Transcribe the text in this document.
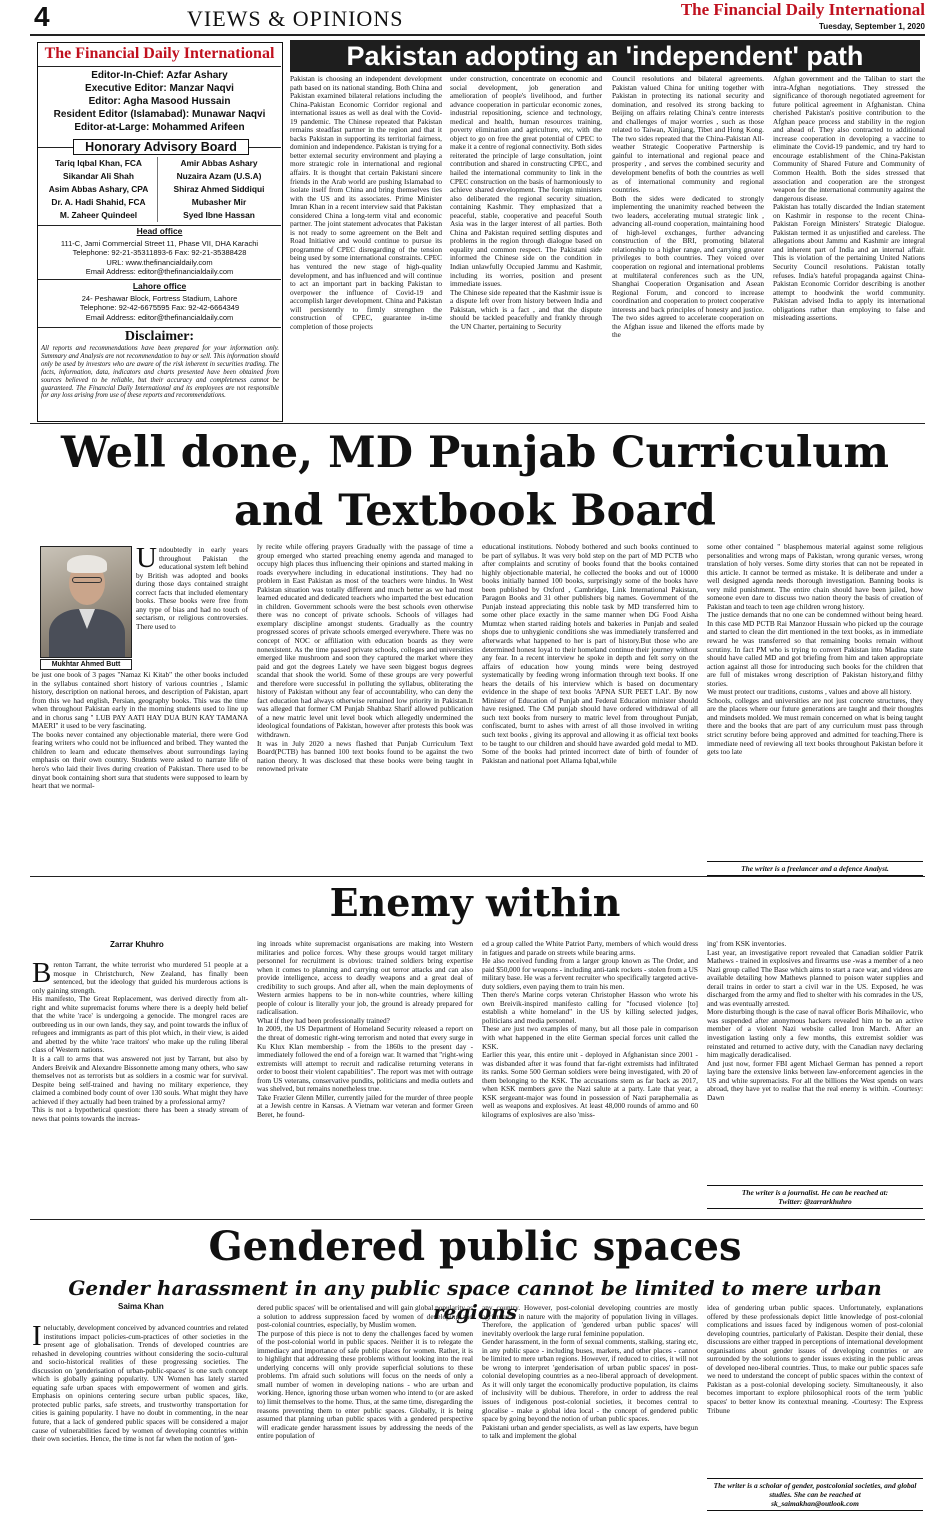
4	VIEWS & OPINIONS	The Financial Daily International
Tuesday, September 1, 2020
The Financial Daily International
Editor-In-Chief: Azfar Ashary
Executive Editor: Manzar Naqvi
Editor: Agha Masood Hussain
Resident Editor (Islamabad): Munawar Naqvi
Editor-at-Large: Mohammed Arifeen
Honorary Advisory Board
Tariq Iqbal Khan, FCA
Sikandar Ali Shah
Asim Abbas Ashary, CPA
Dr. A. Hadi Shahid, FCA
M. Zaheer Quindeel
Amir Abbas Ashary
Nuzaira Azam (U.S.A)
Shiraz Ahmed Siddiqui
Mubasher Mir
Syed Ibne Hassan
Head office
111-C, Jami Commercial Street 11, Phase VII, DHA Karachi
Telephone: 92-21-35311893-6 Fax: 92-21-35388428
URL: www.thefinancialdaily.com
Email Address: editor@thefinancialdaily.com
Lahore office
24- Peshawar Block, Fortress Stadium, Lahore
Telephone: 92-42-6675595 Fax: 92-42-6664349
Email Address: editor@thefinancialdaily.com
Disclaimer:
All reports and recommendations have been prepared for your information only. Summary and Analysis are not recommendation to buy or sell. This information should only be used by investors who are aware of the risk inherent in securities trading. The facts, information, data, indicators and charts presented have been obtained from sources believed to be reliable, but their accuracy and completeness cannot be guaranteed. The Financial Daily International and its employees are not responsible for any loss arising from use of these reports and recommendations.
Pakistan adopting an 'independent' path
Pakistan is choosing an independent development path based on its national standing. Both China and Pakistan examined bilateral relations including the China-Pakistan Economic Corridor regional and international issues as well as deal with the Covid-19 pandemic. The Chinese repeated that Pakistan remains steadfast partner in the region and that it backs Pakistan in supporting its territorial fairness, dominion and independence. Pakistan is trying for a better external security environment and playing a more strategic role in international and regional affairs. It is thought that certain Pakistani sincere friends in the Arab world are pushing Islamabad to isolate itself from China and bring themselves ties with the US and its associates. Prime Minister Imran Khan in a recent interview said that Pakistan considered China a long-term vital and economic partner. The joint statement advocates that Pakistan is not ready to some agreement on the Belt and Road Initiative and would continue to pursue its programme of CPEC disregarding of the tension being used by some international constraints. CPEC has ventured the new stage of high-quality development, and has influenced and will continue to act an important part in backing Pakistan to overpower the influence of Covid-19 and accomplish larger development. China and Pakistan will persistently to firmly strengthen the construction of CPEC, guarantee in-time completion of those projects
under construction, concentrate on economic and social development, job generation and amelioration of people's livelihood, and further advance cooperation in particular economic zones, industrial repositioning, science and technology, medical and health, human resources training, poverty elimination and agriculture, etc, with the object to go on free the great potential of CPEC to make it a centre of regional connectivity. Both sides reiterated the principle of large consultation, joint contribution and shared in constructing CPEC, and hailed the international community to link in the CPEC construction on the basis of harmoniously to achieve shared development. The foreign ministers also deliberated the regional security situation, containing Kashmir. They emphasized that a peaceful, stable, cooperative and peaceful South Asia was in the larger interest of all parties. Both China and Pakistan required settling disputes and problems in the region through dialogue based on equality and common respect. The Pakistani side informed the Chinese side on the condition in Indian unlawfully Occupied Jammu and Kashmir, including its worries, position and present immediate issues.
The Chinese side repeated that the Kashmir issue is a dispute left over from history between India and Pakistan, which is a fact , and that the dispute should be tackled peacefully and frankly through the UN Charter, pertaining to Security
Council resolutions and bilateral agreements. Pakistan valued China for uniting together with Pakistan in protecting its national security and domination, and resolved its strong backing to Beijing on affairs relating China's centre interests and challenges of major worries , such as those related to Taiwan, Xinjiang, Tibet and Hong Kong. The two sides repeated that the China-Pakistan All-weather Strategic Cooperative Partnership is gainful to international and regional peace and prosperity , and serves the combined security and development benefits of both the countries as well as of international community and regional countries.
Both the sides were dedicated to strongly implementing the unanimity reached between the two leaders, accelerating mutual strategic link , advancing all-round cooperation, maintaining hood of high-level exchanges, further advancing construction of the BRI, promoting bilateral relationship to a higher range, and carrying greater privileges to both countries. They voiced over cooperation on regional and international problems at multilateral conferences such as the UN, Shanghai Cooperation Organisation and Asean Regional Forum, and concord to increase coordination and cooperation to protect cooperative interests and back principles of honesty and justice. The two sides agreed to accelerate cooperation on the Afghan issue and likened the efforts made by the
Afghan government and the Taliban to start the intra-Afghan negotiations. They stressed the significance of thorough negotiated agreement for future political agreement in Afghanistan. China cherished Pakistan's positive contribution to the Afghan peace process and stability in the region and ahead of. They also contracted to additional increase cooperation in developing a vaccine to eliminate the Covid-19 pandemic, and try hard to encourage establishment of the China-Pakistan Community of Shared Future and Community of Common Health. Both the sides stressed that association and cooperation are the strongest weapon for the international community against the dangerous disease.
Pakistan has totally discarded the Indian statement on Kashmir in response to the recent China-Pakistan Foreign Ministers' Strategic Dialogue. Pakistan termed it as unjustified and careless. The allegations about Jammu and Kashmir are integral and inherent part of India and an internal affair. This is violation of the pertaining United Nations Security Council resolutions. Pakistan totally refuses. India's hateful propaganda against China-Pakistan Economic Corridor describing is another attempt to hoodwink the world community. Pakistan advised India to apply its international obligations rather than employing to false and misleading assertions.
Well done, MD Punjab Curriculum and Textbook Board
Mukhtar Ahmed Butt
Undoubtedly in early years throughout Pakistan the educational system left behind by British was adopted and books during those days contained straight correct facts that included elementary books. These books were free from any type of bias and had no touch of sectarism, or religious controversies. There used to
be just one book of 3 pages "Namaz Ki Kitab" the other books included in the syllabus contained short history of various countries , Islamic history, description on national heroes, and description of Pakistan, apart from this we had english, Persian, geography books. This was the time when throughout Pakistan early in the morning students used to line up and in chorus sang " LUB PAY AATI HAY DUA BUN KAY TAMANA MAERI" it used to be very fascinating.
The books never contained any objectionable material, there were God fearing writers who could not be influenced and bribed. They wanted the children to learn and educate themselves about surroundings laying emphasis on their own country. Students were asked to narrate life of hero's who laid their lives during creation of Pakistan. There used to be dinyat book containing short sura that students were supposed to learn by heart that we normal-
ly recite while offering prayers Gradually with the passage of time a group emerged who started preaching enemy agenda and managed to occupy high places thus influencing their opinions and started making in roads everywhere including in educational institutions. They had no problem in East Pakistan as most of the teachers were hindus. In West Pakistan situation was totally different and much better as we had most learned educated and dedicated teachers who imparted the best education in children. Government schools were the best schools even otherwise there was no concept of private schools. Schools of villages had exemplary discipline amongst students. Gradually as the country progressed scores of private schools emerged everywhere. There was no concept of NOC or affiliation with education boards as they were nonexistent. As the time passed private schools, colleges and universities emerged like mushroom and soon they captured the market where they paid and got the degrees Lately we have seen biggest bogus degrees scandal that shook the world. Some of these groups are very powerful and therefore were successful in polluting the syllabus, obliterating the history of Pakistan without any fear of accountability, who can deny the fact education had always otherwise remained low priority in Pakistan.It was alleged that former CM Punjab Shahbaz Sharif allowed publication of a new matric level unit level book which allegedly undermined the ideological foundations of Pakistan, however after protests this book was withdrawn.
It was in July 2020 a news flashed that Punjab Curriculum Text Board(PCTB) has banned 100 text books found to be against the two nation theory. It was disclosed that these books were being taught in renowned private
educational institutions. Nobody bothered and such books continued to be part of syllabus. It was very bold step on the part of MD PCTB who after complaints and scrutiny of books found that the books contained highly objectionable material, he collected the books and out of 10000 books initially banned 100 books, surprisingly some of the books have been published by Oxford , Cambridge, Link International Pakistan, Paragon Books and 31 other publishers big names. Government of the Punjab instead appreciating this noble task by MD transferred him to some other place exactly in the same manner when DG Food Aisha Mumtaz when started raiding hotels and bakeries in Punjab and sealed shops due to unhygienic conditions she was immediately transferred and afterwards what happened to her is part of history.But those who are determined honest loyal to their homeland continue their journey without any fear. In a recent interview he spoke in depth and felt sorry on the affairs of education how young minds were being destroyed systematically by feeding wrong information through text books. If one hears the details of his interview which is based on documentary evidence in the shape of text books 'APNA SUR PEET LAI'. By now Minister of Education of Punjab and Federal Education minister should have resigned. The CM punjab should have ordered withdrawal of all such text books from nursery to matric level from throughout Punjab, confiscated, burnt to ashes with arrest of all those involved in writing such text books , giving its approval and allowing it as official text books to be taught to our children and should have awarded gold medal to MD. Some of the books had printed incorrect date of birth of founder of Pakistan and national poet Allama Iqbal,while
some other contained " blasphemous material against some religious personalities and wrong maps of Pakistan, wrong quranic verses, wrong translation of holy verses. Some dirty stories that can not be repeated in this article. It cannot be termed as mistake. It is deliberate and under a well designed agenda needs thorough investigation. Banning books is very mild punishment. The entire chain should have been jailed, how someone even dare to discuss two nation theory the basis of creation of Pakistan and teach to teen age children wrong history.
The justice demands that no one can be condemned without being heard. In this case MD PCTB Rai Manzoor Hussain who picked up the courage and started to clean the dirt mentioned in the text books, as in immediate reward he was transferred so that remaining books remain without scrutiny. In fact PM who is trying to convert Pakistan into Madina state should have called MD and got briefing from him and taken appropriate action against all those for introducing such books for the children that are full of mistakes wrong description of Pakistan history,and filthy stories.
We must protect our traditions, customs , values and above all history.
Schools, colleges and universities are not just concrete structures, they are the places where our future generations are taught and their thoughts and mindsets molded. We must remain concerned on what is being taught there and the books that are part of any curriculum must pass through strict scrutiny before being approved and admitted for teaching.There is immediate need of reviewing all text books throughout Pakistan before it gets too late
The writer is a freelancer and a defence Analyst.
Enemy within
Zarrar Khuhro
Brenton Tarrant, the white terrorist who murdered 51 people at a mosque in Christchurch, New Zealand, has finally been sentenced, but the ideology that guided his murderous actions is only gaining strength.
His manifesto, The Great Replacement, was derived directly from alt-right and white supremacist forums where there is a deeply held belief that the white 'race' is undergoing a genocide. The mongrel races are outbreeding us in our own lands, they say, and point towards the influx of refugees and immigrants as part of this plot which, in their view, is aided and abetted by the white 'race traitors' who make up the ruling liberal class of Western nations.
It is a call to arms that was answered not just by Tarrant, but also by Anders Breivik and Alexandre Bissonnette among many others, who saw themselves not as terrorists but as soldiers in a cosmic war for survival. Despite being self-trained and having no military experience, they claimed a combined body count of over 130 souls. What might they have achieved if they actually had been trained by a professional army?
This is not a hypothetical question: there has been a steady stream of news that points towards the increas-
ing inroads white supremacist organisations are making into Western militaries and police forces. Why these groups would target military personnel for recruitment is obvious: trained soldiers bring expertise when it comes to planning and carrying out terror attacks and can also provide intelligence, access to deadly weapons and a great deal of credibility to such groups. And after all, when the main deployments of Western armies happens to be in non-white countries, where killing people of colour is literally your job, the ground is already prepared for radicalisation.
What if they had been professionally trained?
In 2009, the US Department of Homeland Security released a report on the threat of domestic right-wing terrorism and noted that every surge in Ku Klux Klan membership - from the 1860s to the present day - immediately followed the end of a foreign war. It warned that "right-wing extremists will attempt to recruit and radicalise returning veterans in order to boost their violent capabilities". The report was met with outrage from US veterans, conservative pundits, politicians and media outlets and was shelved, but remains nonetheless true.
Take Frazier Glenn Miller, currently jailed for the murder of three people at a Jewish centre in Kansas. A Vietnam war veteran and former Green Beret, he found-
ed a group called the White Patriot Party, members of which would dress in fatigues and parade on streets while bearing arms.
He also received funding from a larger group known as The Order, and paid $50,000 for weapons - including anti-tank rockets - stolen from a US military base. He was a fervent recruiter who specifically targeted active-duty soldiers, even paying them to train his men.
Then there's Marine corps veteran Christopher Hasson who wrote his own Breivik-inspired manifesto calling for "focused violence [to] establish a white homeland" in the US by killing selected judges, politicians and media personnel.
These are just two examples of many, but all those pale in comparison with what happened in the elite German special forces unit called the KSK.
Earlier this year, this entire unit - deployed in Afghanistan since 2001 - was disbanded after it was found that far-right extremists had infiltrated its ranks. Some 500 German soldiers were being investigated, with 20 of them belonging to the KSK. The accusations stem as far back as 2017, when KSK members gave the Nazi salute at a party. Late that year, a KSK sergeant-major was found in possession of Nazi paraphernalia as well as weapons and explosives. At least 48,000 rounds of ammo and 60 kilograms of explosives are also 'miss-
ing' from KSK inventories.
Last year, an investigative report revealed that Canadian soldier Patrik Mathews - trained in explosives and firearms use -was a member of a neo Nazi group called The Base which aims to start a race war, and videos are available detailing how Mathews planned to poison water supplies and derail trains in order to start a civil war in the US. Exposed, he was discharged from the army and fled to shelter with his comrades in the US, and was eventually arrested.
More disturbing though is the case of naval officer Boris Mihailovic, who was suspended after anonymous hackers revealed him to be an active member of a violent Nazi website called Iron March. After an investigation lasting only a few months, this extremist soldier was reinstated and returned to active duty, with the Canadian navy declaring him magically deradicalised.
And just now, former FBI agent Michael German has penned a report laying bare the extensive links between law-enforcement agencies in the US and white supremacists. For all the billions the West spends on wars abroad, they have yet to realise that the real enemy is within. -Courtesy: Dawn
The writer is a journalist. He can be reached at:
Twitter: @zarrarkhuhro
Gendered public spaces
Gender harassment in any public space cannot be limited to mere urban regions
Saima Khan
Ineluctably, development conceived by advanced countries and related institutions impact policies-cum-practices of other societies in the present age of globalisation. Trends of developed countries are rehashed in developing countries without considering the socio-cultural and socio-historical realities of these progressing societies. The discussion on 'genderisation of urban-public-spaces' is one such concept which is globally gaining popularity. UN Women has lately started equating safe urban spaces with empowerment of women and girls. Emphasis on opinions centering secure urban public spaces, like, protected public parks, safe streets, and trustworthy transportation for cities is gaining popularity. I have no doubt in commenting, in the near future, that a lack of gendered public spaces will be considered a major cause of vulnerabilities faced by women of developing countries within their own societies. Hence, the time is not far when the notion of 'gen-
dered public spaces' will be orientalised and will gain global popularity as a solution to address suppression faced by women of developing and post-colonial countries, especially, by Muslim women.
The purpose of this piece is not to deny the challenges faced by women of the post-colonial world in public spaces. Neither it is to relegate the immediacy and importance of safe public places for women. Rather, it is to highlight that addressing these problems without looking into the real underlying concerns will only provide superficial solutions to these problems. I'm afraid such solutions will focus on the needs of only a small number of women in developing nations - who are urban and working. Hence, ignoring those urban women who intend to (or are asked to) limit themselves to the home. Thus, at the same time, disregarding the reasons preventing them to enter public spaces. Globally, it is being assumed that planning urban public spaces with a gendered perspective will eradicate gender harassment issues by addressing the needs of the entire population of
any country. However, post-colonial developing countries are mostly agricultural in nature with the majority of population living in villages. Therefore, the application of 'gendered urban public spaces' will inevitably overlook the large rural feminine population.
Gender harassment, in the form of sexual comments, stalking, staring etc, in any public space - including buses, markets, and other places - cannot be limited to mere urban regions. However, if reduced to cities, it will not be wrong to interpret 'genderisation of urban public spaces' in post-colonial developing countries as a neo-liberal approach of development. As it will only target the economically productive population, its claims of inclusivity will be dubious. Therefore, in order to address the real issues of indigenous post-colonial societies, it becomes central to glocalise - make a global idea local - the concept of gendered public space by going beyond the notion of urban public spaces.
Pakistani urban and gender specialists, as well as law experts, have begun to talk and implement the global
idea of gendering urban public spaces. Unfortunately, explanations offered by these professionals depict little knowledge of post-colonial complications and issues faced by indigenous women of post-colonial developing countries, particularly of Pakistan. Despite their denial, these discussions are either trapped in perceptions of international development organisations about gender issues of developing countries or are surrounded by the solutions to gender issues existing in the public areas of developed neo-liberal countries. Thus, to make our public spaces safe we need to understand the concept of public spaces within the context of Pakistan as a post-colonial developing society. Simultaneously, it also becomes important to explore philosophical roots of the term 'public spaces' to better know its contextual meaning. -Courtesy: The Express Tribune
The writer is a scholar of gender, postcolonial societies, and global studies. She can be reached at
sk_saimakhan@outlook.com
